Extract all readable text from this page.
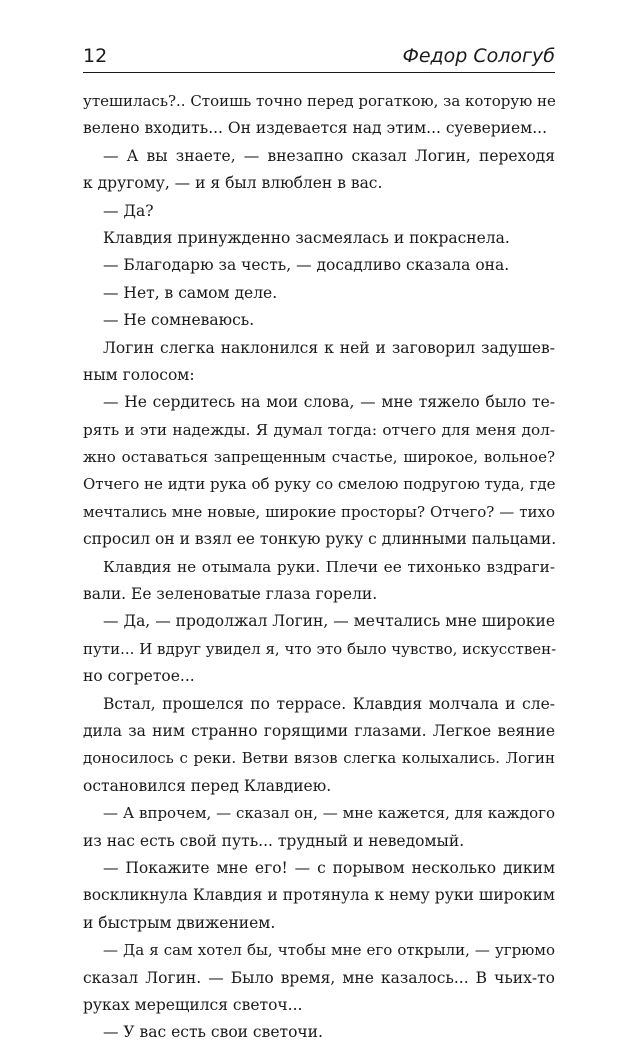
12	Федор Сологуб
утешилась?.. Стоишь точно перед рогаткою, за которую не
велено входить... Он издевается над этим... суеверием...
— А вы знаете, — внезапно сказал Логин, переходя
к другому, — и я был влюблен в вас.
— Да?
Клавдия принужденно засмеялась и покраснела.
— Благодарю за честь, — досадливо сказала она.
— Нет, в самом деле.
— Не сомневаюсь.
Логин слегка наклонился к ней и заговорил задушев-
ным голосом:
— Не сердитесь на мои слова, — мне тяжело было те-
рять и эти надежды. Я думал тогда: отчего для меня дол-
жно оставаться запрещенным счастье, широкое, вольное?
Отчего не идти рука об руку со смелою подругою туда, где
мечтались мне новые, широкие просторы? Отчего? — тихо
спросил он и взял ее тонкую руку с длинными пальцами.
Клавдия не отымала руки. Плечи ее тихонько вздраги-
вали. Ее зеленоватые глаза горели.
— Да, — продолжал Логин, — мечтались мне широкие
пути... И вдруг увидел я, что это было чувство, искусствен-
но согретое...
Встал, прошелся по террасе. Клавдия молчала и сле-
дила за ним странно горящими глазами. Легкое веяние
доносилось с реки. Ветви вязов слегка колыхались. Логин
остановился перед Клавдиею.
— А впрочем, — сказал он, — мне кажется, для каждого
из нас есть свой путь... трудный и неведомый.
— Покажите мне его! — с порывом несколько диким
воскликнула Клавдия и протянула к нему руки широким
и быстрым движением.
— Да я сам хотел бы, чтобы мне его открыли, — угрюмо
сказал Логин. — Было время, мне казалось... В чьих-то
руках мерещился светоч...
— У вас есть свои светочи.
